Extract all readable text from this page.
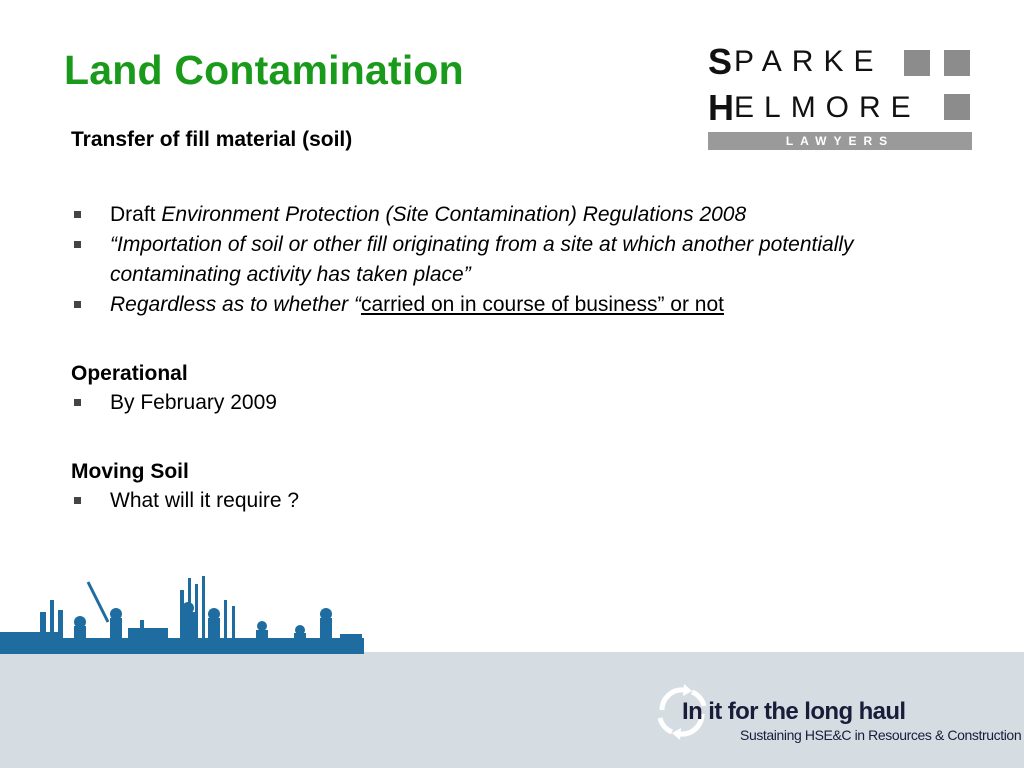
Land Contamination	S PARKE
H ELMORE
LAWYERS

Transfer of fill material (soil)

Draft Environment Protection (Site Contamination) Regulations 2008
“Importation of soil or other fill originating from a site at which another potentially contaminating activity has taken place”
Regardless as to whether “carried on in course of business” or not

Operational

By February 2009

Moving Soil

What will it require ?
In it for the long haul
Sustaining HSE&C in Resources & Construction
